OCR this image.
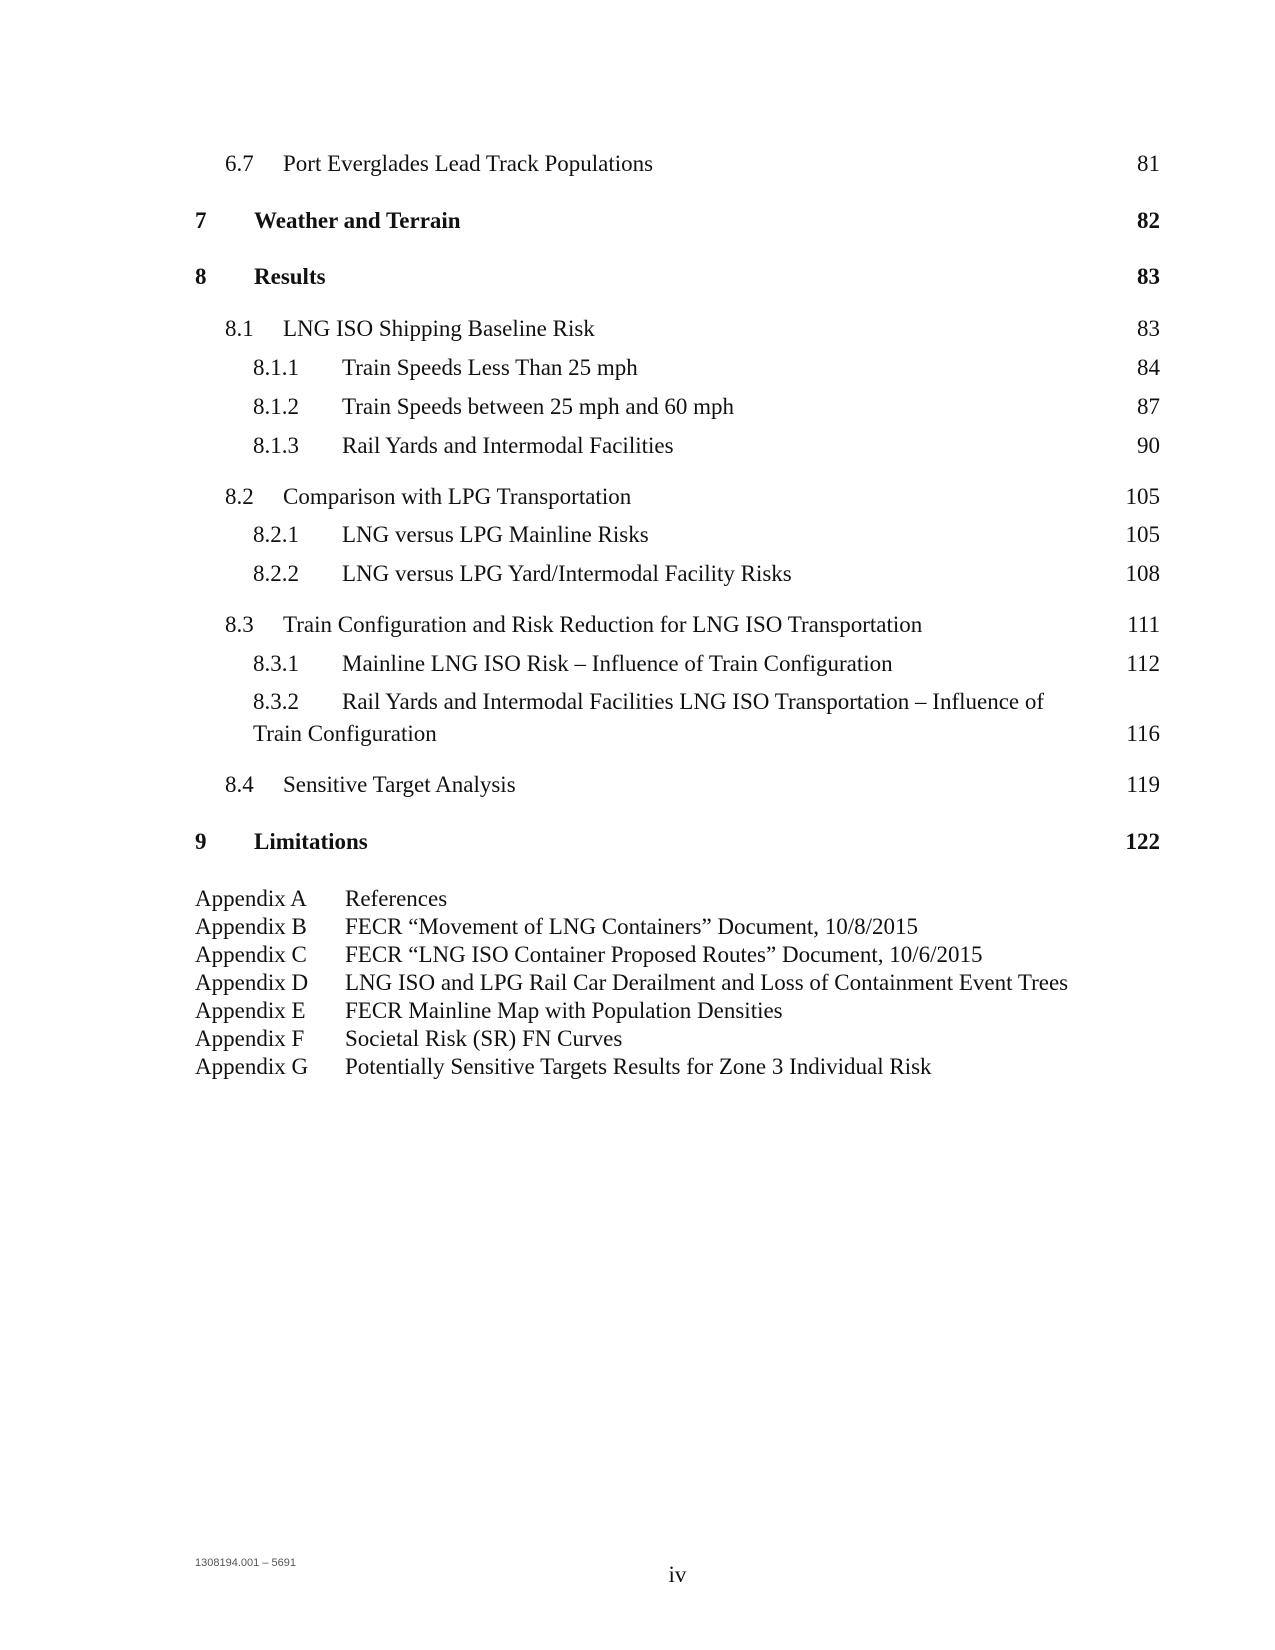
6.7 Port Everglades Lead Track Populations	81
7 Weather and Terrain	82
8 Results	83
8.1 LNG ISO Shipping Baseline Risk	83
8.1.1 Train Speeds Less Than 25 mph	84
8.1.2 Train Speeds between 25 mph and 60 mph	87
8.1.3 Rail Yards and Intermodal Facilities	90
8.2 Comparison with LPG Transportation	105
8.2.1 LNG versus LPG Mainline Risks	105
8.2.2 LNG versus LPG Yard/Intermodal Facility Risks	108
8.3 Train Configuration and Risk Reduction for LNG ISO Transportation	111
8.3.1 Mainline LNG ISO Risk – Influence of Train Configuration	112
8.3.2 Rail Yards and Intermodal Facilities LNG ISO Transportation – Influence of
Train Configuration	116
8.4 Sensitive Target Analysis	119
9 Limitations	122
Appendix A References
Appendix B FECR “Movement of LNG Containers” Document, 10/8/2015
Appendix C FECR “LNG ISO Container Proposed Routes” Document, 10/6/2015
Appendix D LNG ISO and LPG Rail Car Derailment and Loss of Containment Event Trees
Appendix E FECR Mainline Map with Population Densities
Appendix F Societal Risk (SR) FN Curves
Appendix G Potentially Sensitive Targets Results for Zone 3 Individual Risk
1308194.001 – 5691	iv
